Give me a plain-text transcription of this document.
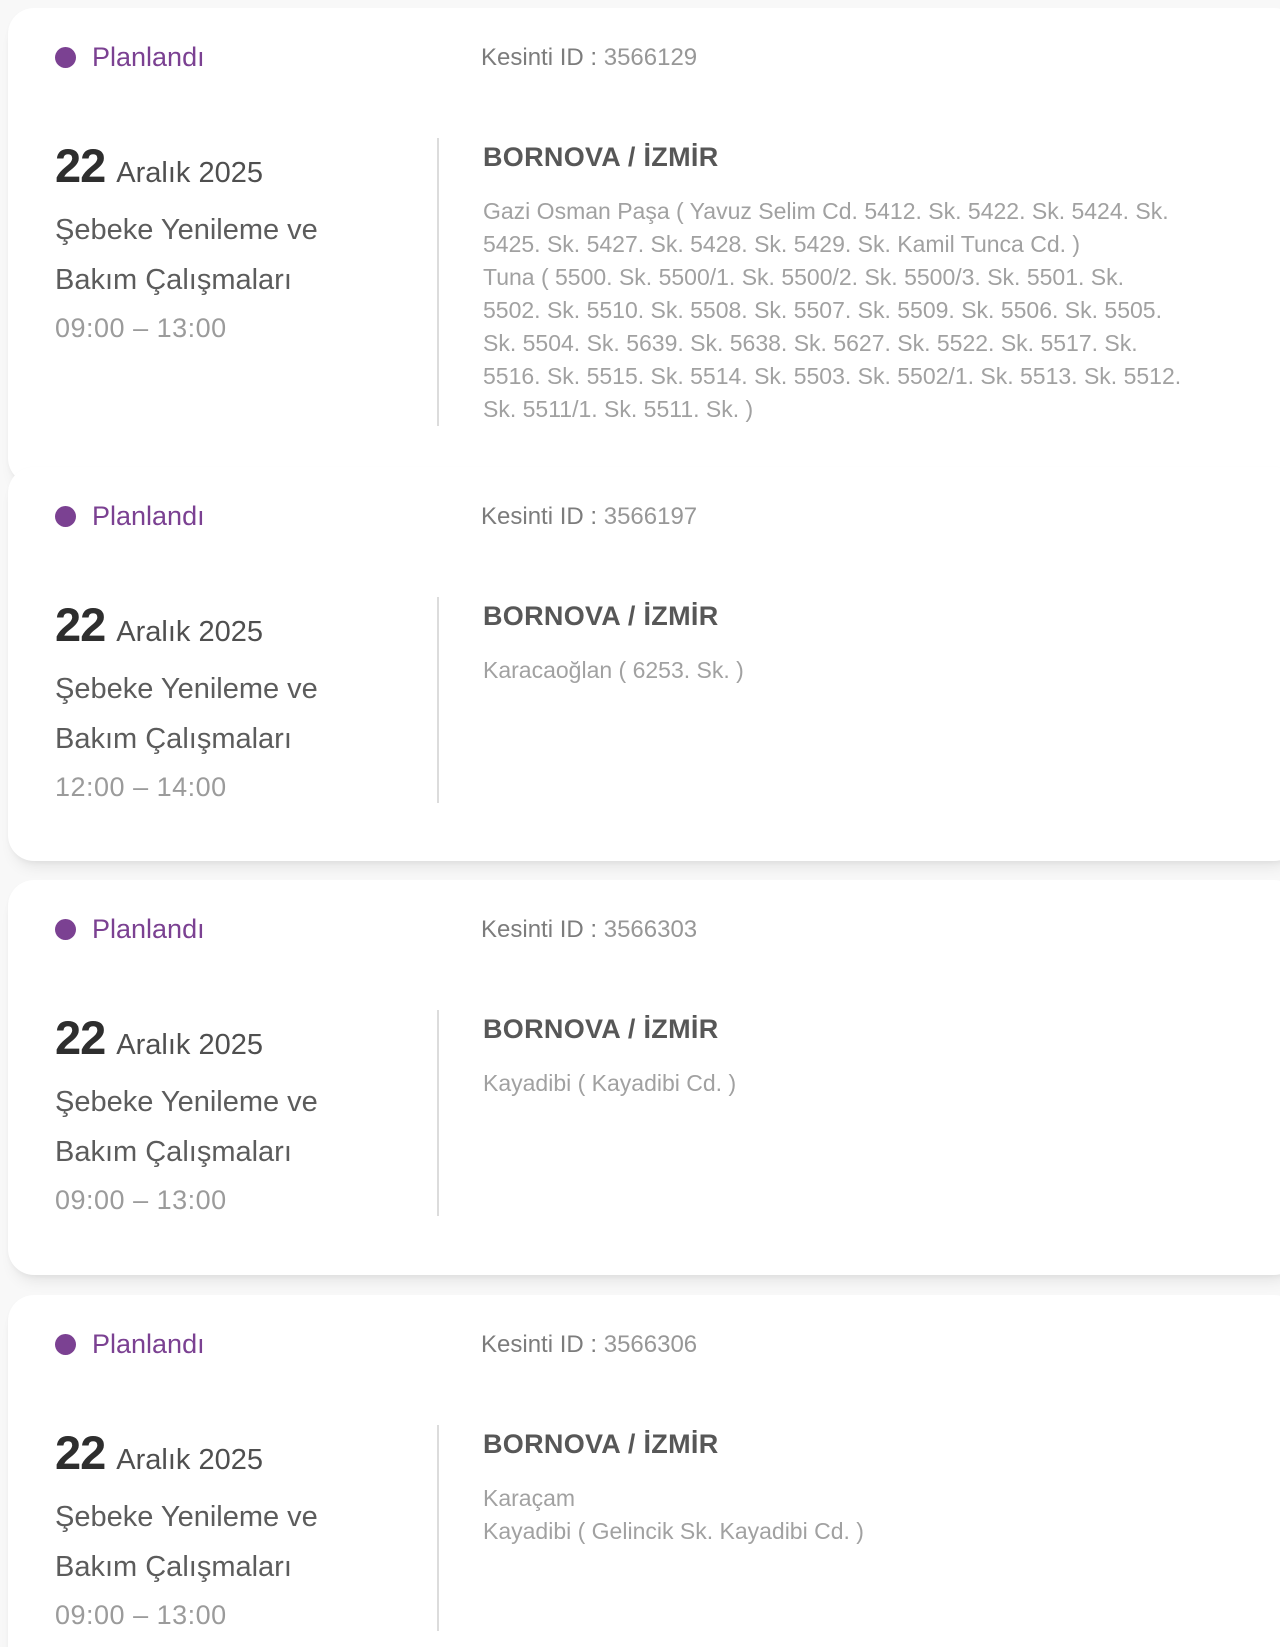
Planlandı	Kesinti ID : 3566129
22 Aralık 2025
Şebeke Yenileme ve Bakım Çalışmaları
09:00 – 13:00
BORNOVA / İZMİR

Gazi Osman Paşa ( Yavuz Selim Cd. 5412. Sk. 5422. Sk. 5424. Sk. 5425. Sk. 5427. Sk. 5428. Sk. 5429. Sk. Kamil Tunca Cd. )

Tuna ( 5500. Sk. 5500/1. Sk. 5500/2. Sk. 5500/3. Sk. 5501. Sk. 5502. Sk. 5510. Sk. 5508. Sk. 5507. Sk. 5509. Sk. 5506. Sk. 5505. Sk. 5504. Sk. 5639. Sk. 5638. Sk. 5627. Sk. 5522. Sk. 5517. Sk. 5516. Sk. 5515. Sk. 5514. Sk. 5503. Sk. 5502/1. Sk. 5513. Sk. 5512. Sk. 5511/1. Sk. 5511. Sk. )

Planlandı	Kesinti ID : 3566197
22 Aralık 2025
Şebeke Yenileme ve Bakım Çalışmaları
12:00 – 14:00
BORNOVA / İZMİR

Karacaoğlan ( 6253. Sk. )

Planlandı	Kesinti ID : 3566303
22 Aralık 2025
Şebeke Yenileme ve Bakım Çalışmaları
09:00 – 13:00
BORNOVA / İZMİR

Kayadibi ( Kayadibi Cd. )

Planlandı	Kesinti ID : 3566306
22 Aralık 2025
Şebeke Yenileme ve Bakım Çalışmaları
09:00 – 13:00
BORNOVA / İZMİR

Karaçam

Kayadibi ( Gelincik Sk. Kayadibi Cd. )
